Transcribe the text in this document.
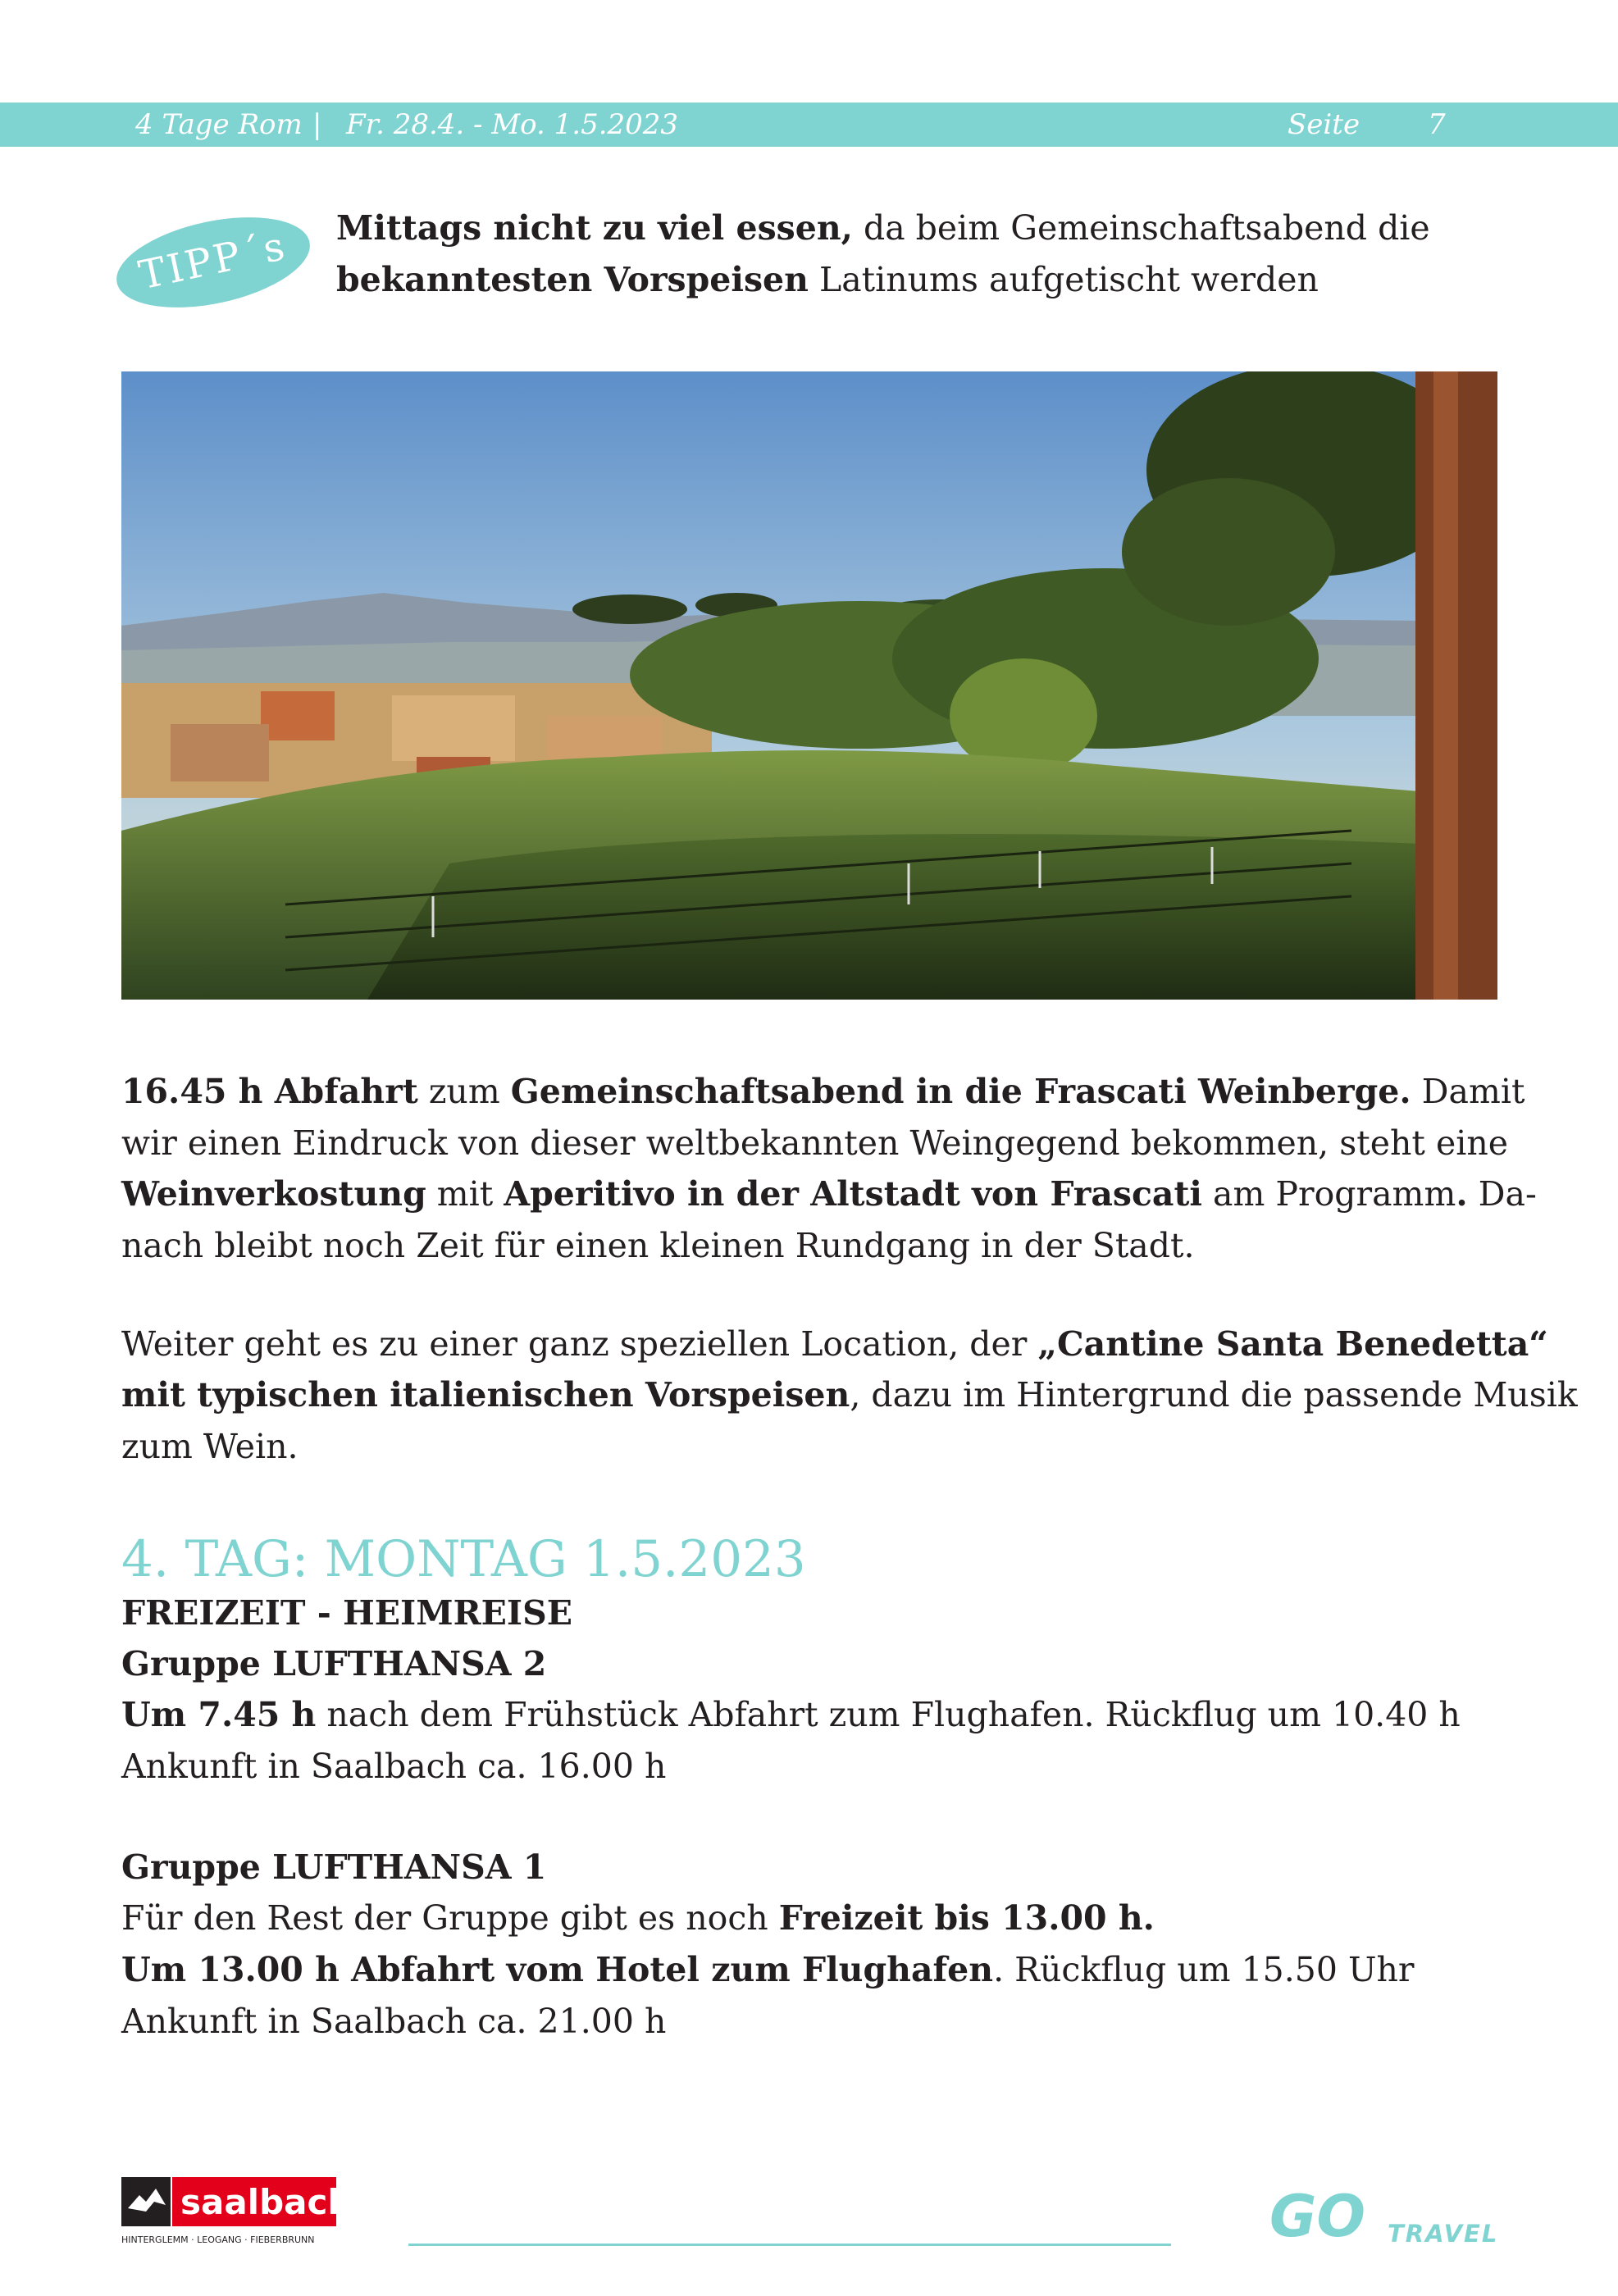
4 Tage Rom | Fr. 28.4. - Mo. 1.5.2023	Seite 7
TIPP´s	Mittags nicht zu viel essen, da beim Gemeinschaftsabend die
bekanntesten Vorspeisen Latinums aufgetischt werden
16.45 h Abfahrt zum Gemeinschaftsabend in die Frascati Weinberge. Damit
wir einen Eindruck von dieser weltbekannten Weingegend bekommen, steht eine
Weinverkostung mit Aperitivo in der Altstadt von Frascati am Programm. Da-
nach bleibt noch Zeit für einen kleinen Rundgang in der Stadt.
Weiter geht es zu einer ganz speziellen Location, der „Cantine Santa Benedetta“
mit typischen italienischen Vorspeisen, dazu im Hintergrund die passende Musik
zum Wein.
4. TAG: MONTAG 1.5.2023
FREIZEIT - HEIMREISE
Gruppe LUFTHANSA 2
Um 7.45 h nach dem Frühstück Abfahrt zum Flughafen. Rückflug um 10.40 h
Ankunft in Saalbach ca. 16.00 h
Gruppe LUFTHANSA 1
Für den Rest der Gruppe gibt es noch Freizeit bis 13.00 h.
Um 13.00 h Abfahrt vom Hotel zum Flughafen. Rückflug um 15.50 Uhr
Ankunft in Saalbach ca. 21.00 h
saalbach
HINTERGLEMM · LEOGANG · FIEBERBRUNN	GO TRAVEL
